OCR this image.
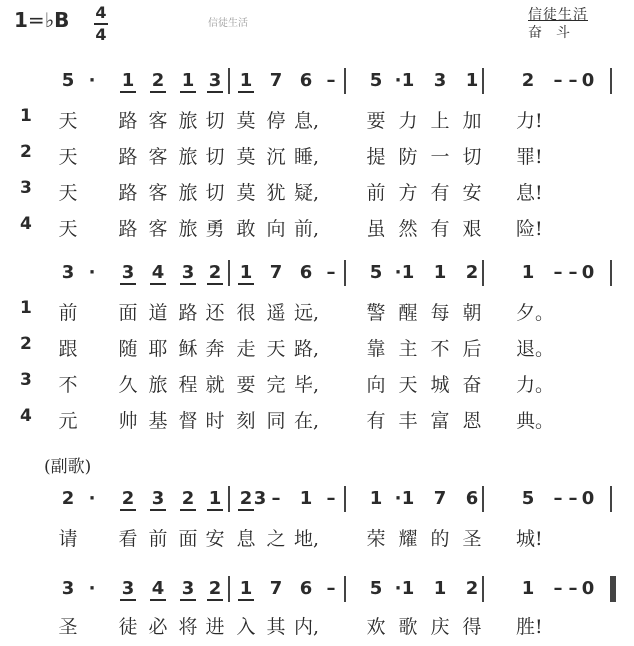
1=♭B 4
4
信徒生活
信徒生活
奋斗
5 · 1 2 1 3 1 7 6 – 5 · 1 3 1 2 – – 0
1 天 路 客 旅 切 莫 停 息, 要 力 上 加 力!
2 天 路 客 旅 切 莫 沉 睡, 提 防 一 切 罪!
3 天 路 客 旅 切 莫 犹 疑, 前 方 有 安 息!
4 天 路 客 旅 勇 敢 向 前, 虽 然 有 艰 险!
3 · 3 4 3 2 1 7 6 – 5 · 1 1 2 1 – – 0
1 前 面 道 路 还 很 遥 远, 警 醒 每 朝 夕。
2 跟 随 耶 稣 奔 走 天 路, 靠 主 不 后 退。
3 不 久 旅 程 就 要 完 毕, 向 天 城 奋 力。
4 元 帅 基 督 时 刻 同 在, 有 丰 富 恩 典。
2 · 2 3 2 1 2 3 – 1 – 1 · 1 7 6 5 – – 0
请 看 前 面 安 息 之 地, 荣 耀 的 圣 城!
3 · 3 4 3 2 1 7 6 – 5 · 1 1 2 1 – – 0
圣 徒 必 将 进 入 其 内, 欢 歌 庆 得 胜!
(副歌)
